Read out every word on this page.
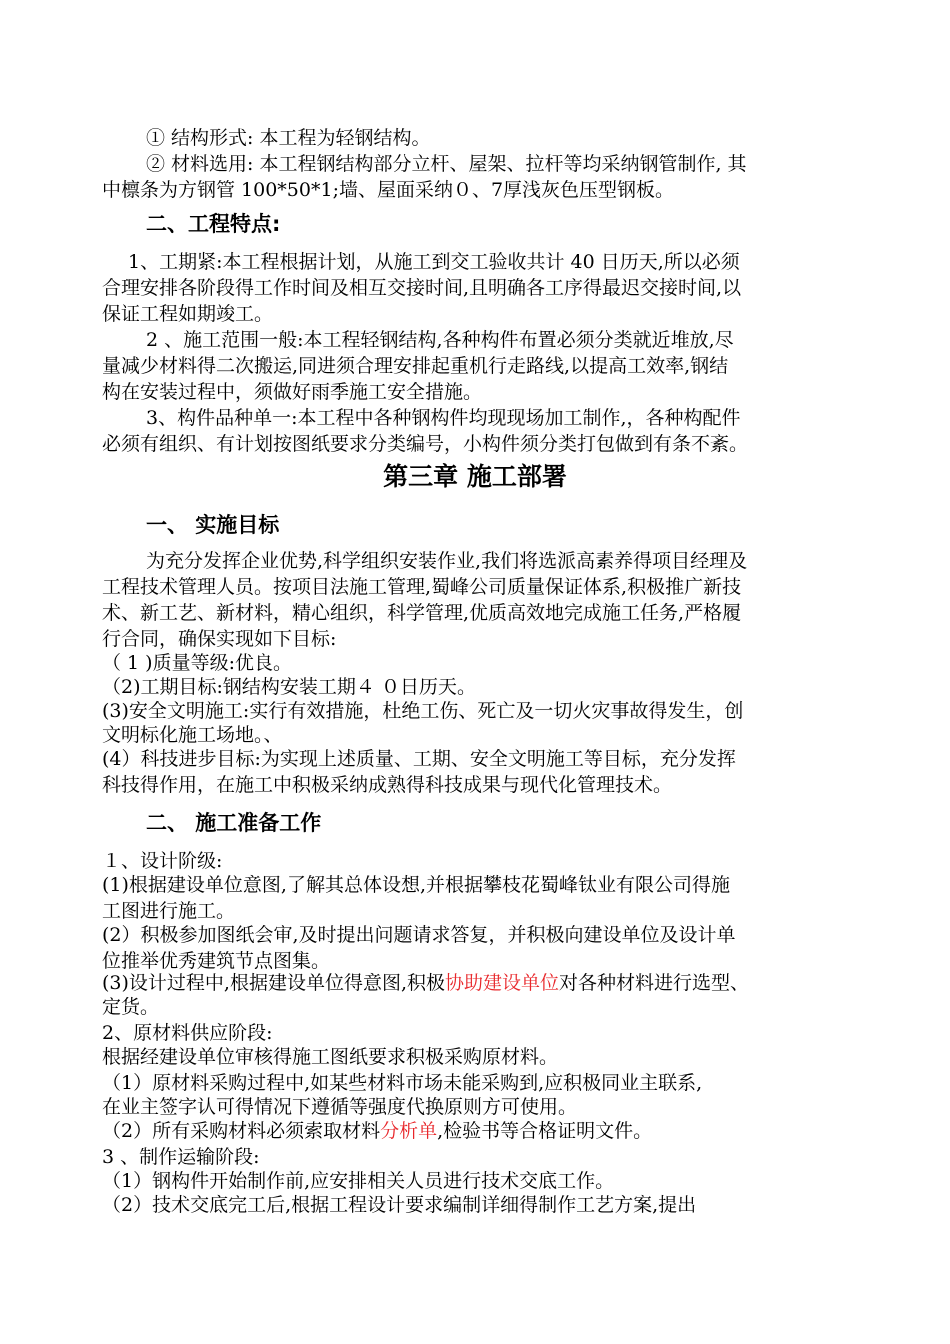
① 结构形式: 本工程为轻钢结构。
② 材料选用: 本工程钢结构部分立杆、屋架、拉杆等均采纳钢管制作, 其
中檩条为方钢管 100*50*1;墙、屋面采纳０、7厚浅灰色压型钢板。
二、工程特点:
1、工期紧:本工程根据计划，从施工到交工验收共计 40 日历天,所以必须
合理安排各阶段得工作时间及相互交接时间,且明确各工序得最迟交接时间,以
保证工程如期竣工。
2 、施工范围一般:本工程轻钢结构,各种构件布置必须分类就近堆放,尽
量减少材料得二次搬运,同进须合理安排起重机行走路线,以提高工效率,钢结
构在安装过程中，须做好雨季施工安全措施。
3、构件品种单一:本工程中各种钢构件均现现场加工制作,，各种构配件
必须有组织、有计划按图纸要求分类编号，小构件须分类打包做到有条不紊。
第三章 施工部署
一、 实施目标
为充分发挥企业优势,科学组织安装作业,我们将选派高素养得项目经理及
工程技术管理人员。按项目法施工管理,蜀峰公司质量保证体系,积极推广新技
术、新工艺、新材料，精心组织，科学管理,优质高效地完成施工任务,严格履
行合同，确保实现如下目标:
（ 1 )质量等级:优良。
（2)工期目标:钢结构安装工期４ ０日历天。
(3)安全文明施工:实行有效措施，杜绝工伤、死亡及一切火灾事故得发生，创
文明标化施工场地。、
(4）科技进步目标:为实现上述质量、工期、安全文明施工等目标，充分发挥
科技得作用，在施工中积极采纳成熟得科技成果与现代化管理技术。
二、 施工准备工作
１、设计阶级:
(1)根据建设单位意图,了解其总体设想,并根据攀枝花蜀峰钛业有限公司得施
工图进行施工。
(2）积极参加图纸会审,及时提出问题请求答复，并积极向建设单位及设计单
位推举优秀建筑节点图集。
(3)设计过程中,根据建设单位得意图,积极协助建设单位对各种材料进行选型、
定货。
2、原材料供应阶段:
根据经建设单位审核得施工图纸要求积极采购原材料。
（1）原材料采购过程中,如某些材料市场未能采购到,应积极同业主联系,
在业主签字认可得情况下遵循等强度代换原则方可使用。
（2）所有采购材料必须索取材料分析单,检验书等合格证明文件。
3 、制作运输阶段:
（1）钢构件开始制作前,应安排相关人员进行技术交底工作。
（2）技术交底完工后,根据工程设计要求编制详细得制作工艺方案,提出
